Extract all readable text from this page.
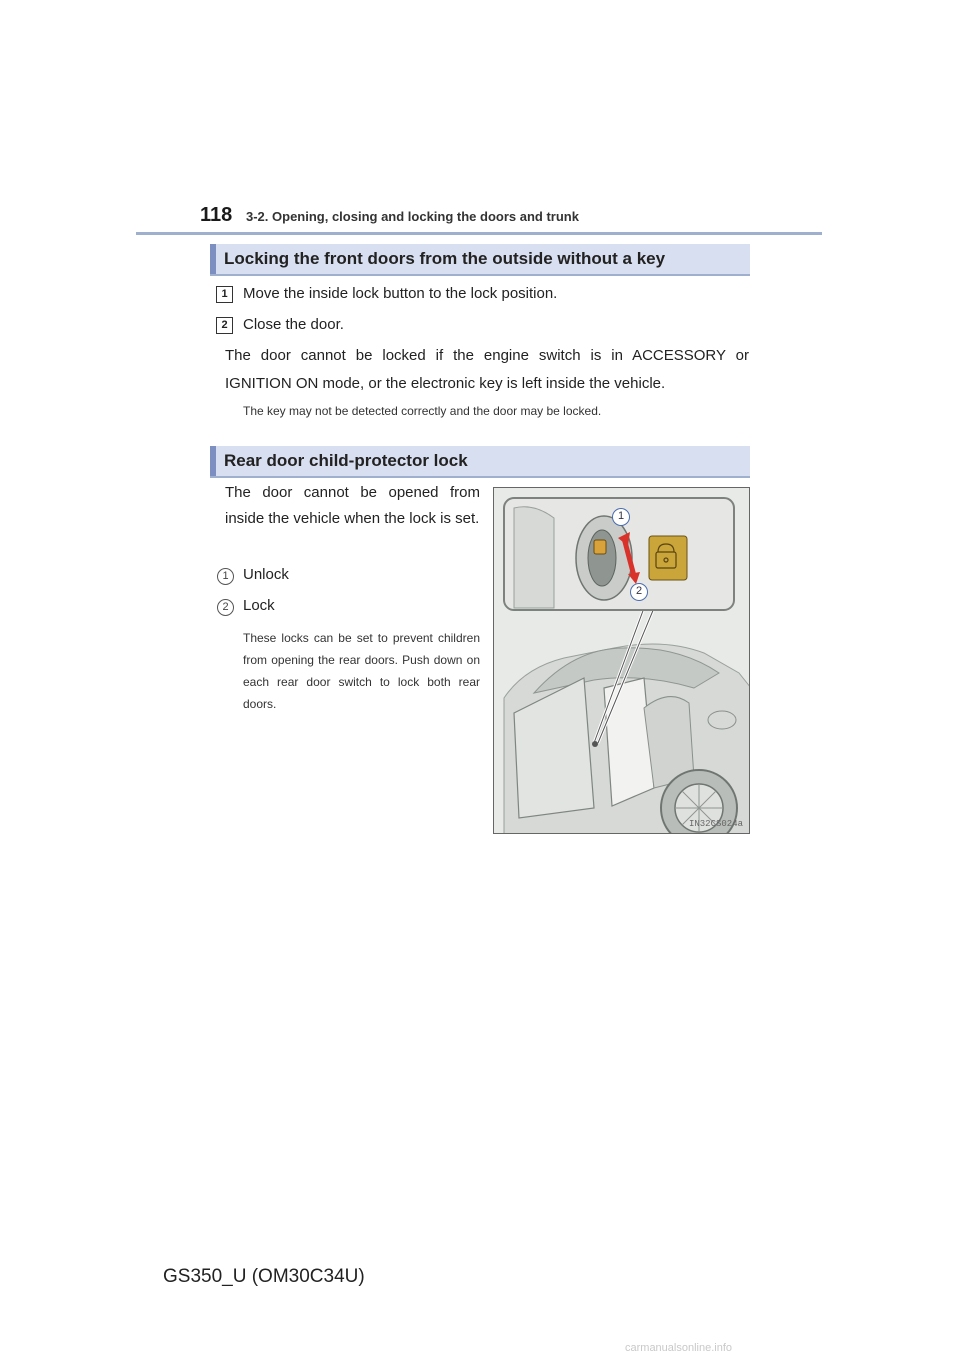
118 3-2. Opening, closing and locking the doors and trunk
Locking the front doors from the outside without a key
1	Move the inside lock button to the lock position.
2	Close the door.

The door cannot be locked if the engine switch is in ACCESSORY or IGNITION ON mode, or the electronic key is left inside the vehicle.

The key may not be detected correctly and the door may be locked.
Rear door child-protector lock

The door cannot be opened from inside the vehicle when the lock is set.

1 Unlock
2 Lock

These locks can be set to prevent children from opening the rear doors. Push down on each rear door switch to lock both rear doors.

1
2
IN32CS024a
GS350_U (OM30C34U)
carmanualsonline.info
